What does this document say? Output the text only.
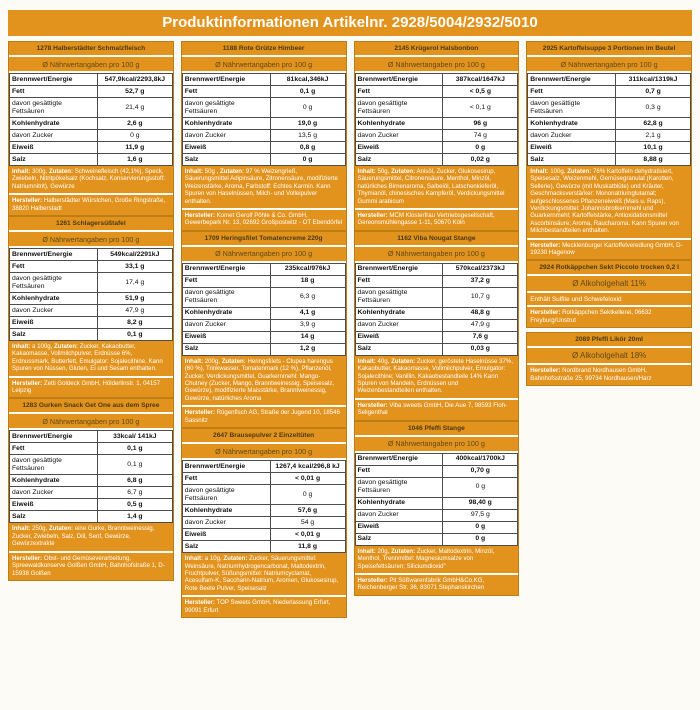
Produktinformationen Artikelnr. 2928/5004/2932/5010
1278 Halberstädter Schmalzfleisch
Ø Nährwertangaben pro 100 g
Brennwert/Energie	547,9kcal/2293,8kJ
Fett	52,7 g
davon gesättigte Fettsäuren	21,4 g
Kohlenhydrate	2,6 g
davon Zucker	0 g
Eiweiß	11,9 g
Salz	1,6 g
Inhalt: 300g, Zutaten: Schweinefleisch (42,1%), Speck, Zwiebeln, Nitritpökelsalz (Kochsalz, Konservierungsstoff: Natriumnitrit), Gewürze
Hersteller: Halberstädter Würstchen, Große Ringstraße, 38820 Halberstadt
1261 Schlagersüßtafel
Ø Nährwertangaben pro 100 g
Brennwert/Energie	549kcal/2291kJ
Fett	33,1 g
davon gesättigte Fettsäuren	17,4 g
Kohlenhydrate	51,9 g
davon Zucker	47,9 g
Eiweiß	8,2 g
Salz	0,1 g
Inhalt: a 100g, Zutaten: Zucker, Kakaobutter, Kakaomasse, Vollmilchpulver, Erdnüsse 6%, Erdnussmark, Butterfett, Emulgator: Sojalecithine. Kann Spuren von Nüssen, Gluten, Ei und Sesam enthalten.
Hersteller: Zetti Goldeck GmbH, Hölderlinstr. 1, 04157 Leipzig
1283 Gurken Snack Get One aus dem Spree
Ø Nährwertangaben pro 100 g
Brennwert/Energie	33kcal/ 141kJ
Fett	0,1 g
davon gesättigte Fettsäuren	0,1 g
Kohlenhydrate	6,8 g
davon Zucker	6,7 g
Eiweiß	0,5 g
Salz	1,4 g
Inhalt: 250g, Zutaten: eine Gurke, Branntweinessig, Zucker, Zwiebeln, Salz, Dill, Senf, Gewürze, Gewürzextrakte
Hersteller: Obst- und Gemüseverarbeitung, Spreewaldkonserve Golßen GmbH, Bahnhofstraße 1, D-15938 Golßen
1188 Rote Grütze Himbeer
Ø Nährwertangaben pro 100 g
Brennwert/Energie	81kcal,346kJ
Fett	0,1 g
davon gesättigte Fettsäuren	0 g
Kohlenhydrate	19,0 g
davon Zucker	13,5 g
Eiweiß	0,8 g
Salz	0 g
Inhalt: 50g , Zutaten: 97 % Weizengrieß, Säuerungsmittel Adipinsäure, Zitronensäure, modifizierte Weizenstärke, Aroma, Farbstoff: Echtes Karmin. Kann Spuren von Haselnüssen, Milch- und Volleipulver enthalten.
Hersteller: Komet Gerolf Pöhle & Co. GmbH, Gewerbepark Nr. 13, 02692 Großpostwitz - OT Ebendörfel
1709 Heringsfilet Tomatencreme 220g
Ø Nährwertangaben pro 100 g
Brennwert/Energie	235kcal/976kJ
Fett	18 g
davon gesättigte Fettsäuren	6,3 g
Kohlenhydrate	4,1 g
davon Zucker	3,9 g
Eiweiß	14 g
Salz	1,2 g
Inhalt: 200g, Zutaten: Heringsfilets - Clupea harengus (60 %), Trinkwasser, Tomatenmark (12 %), Pflanzenöl, Zucker, Verdickungsmittel, Guarkernmehl: Mango-Chutney (Zucker, Mango, Branntweinessig, Speisesalz, Gewürze), modifizierte Maisstärke, Branntweinessig, Gewürze, natürliches Aroma
Hersteller: Rügenfisch AG, Straße der Jugend 10, 18546 Sassnitz
2647 Brausepulver 2 Einzeltüten
Ø Nährwertangaben pro 100 g
Brennwert/Energie	1267,4 kcal/296,8 kJ
Fett	< 0,01 g
davon gesättigte Fettsäuren	0 g
Kohlenhydrate	57,6 g
davon Zucker	54 g
Eiweiß	< 0,01 g
Salz	11,8 g
Inhalt: a 10g, Zutaten: Zucker, Säuerungsmittel: Weinsäure, Natriumhydrogencarbonat, Maltodextrin, Fruchtpulver, Süßungsmittel: Natriumcyclamat, Acesulfam-K, Saccharin-Natrium, Aromen, Glukosesirup, Rote Beete Pulver, Speisesalz
Hersteller: TOP Sweets GmbH, Niederlassung Erfurt, 99091 Erfurt
2145 Krügerol Halsbonbon
Ø Nährwertangaben pro 100 g
Brennwert/Energie	387kcal/1647kJ
Fett	< 0,5 g
davon gesättigte Fettsäuren	< 0,1 g
Kohlenhydrate	96 g
davon Zucker	74 g
Eiweiß	0 g
Salz	0,02 g
Inhalt: 50g, Zutaten: Anisöl, Zucker, Glukosesirup, Säuerungsmittel, Citronensäure, Menthol, Minzöl, natürliches Birnenaroma, Salbeiöl, Latschenkieferöl, Thymianöl, chinesisches Kampferöl, Verdickungsmittel Gummi arabicum
Hersteller: MCM Klosterfrau Vertriebsgesellschaft, Gereonsmühlengasse 1-11, 50670 Köln
1162 Viba Nougat Stange
Ø Nährwertangaben pro 100 g
Brennwert/Energie	570kcal/2373kJ
Fett	37,2 g
davon gesättigte Fettsäuren	10,7 g
Kohlenhydrate	48,8 g
davon Zucker	47,9 g
Eiweiß	7,6 g
Salz	0,03 g
Inhalt: 40g, Zutaten: Zucker, geröstete Haselnüsse 37%, Kakaobutter, Kakaomasse, Vollmilchpulver, Emulgator: Sojalecithine; Vanillin. Kakaobestandteile 14% Kann Spuren von Mandeln, Erdnüssen und Weizenbestandteilen enthalten.
Hersteller: Viba sweets GmbH, Die Aue 7, 98593 Floh-Seligenthal
1046 Pfeffi Stange
Ø Nährwertangaben pro 100 g
Brennwert/Energie	400kcal/1700kJ
Fett	0,70 g
davon gesättigte Fettsäuren	0 g
Kohlenhydrate	98,40 g
davon Zucker	97,5 g
Eiweiß	0 g
Salz	0 g
Inhalt: 20g, Zutaten: Zucker, Maltodextrin, Minzöl, Menthol, Trennmittel: Magnesiumsalze von Speisefettsäuren; Siliciumdioxid"
Hersteller: Pit Süßwarenfabrik GmbH&Co.KG, Reichenberger Str. 36, 83071 Stephanskirchen
2925 Kartoffelsuppe 3 Portionen im Beutel
Ø Nährwertangaben pro 100 g
Brennwert/Energie	311kcal/1319kJ
Fett	0,7 g
davon gesättigte Fettsäuren	0,3 g
Kohlenhydrate	62,8 g
davon Zucker	2,1 g
Eiweiß	10,1 g
Salz	8,88 g
Inhalt: 100g, Zutaten: 76% Kartoffeln dehydratisiert, Speisesalz, Weizenmehl, Gemüsegranulat (Karotten, Sellerie), Gewürze (mit Muskatblüte) und Kräuter, Geschmacksverstärker: Mononatriumglutamat; aufgeschlossenes Pflanzeneiweiß (Mais u. Raps), Verdickungsmittel: Johannisbrotkernmehl und Guarkernmehl; Kartoffelstärke, Antioxidationsmittel Ascorbinsäure; Aroma, Raucharoma. Kann Spuren von Milchbestandteilen enthalten.
Hersteller: Mecklenburger Kartoffelveredlung GmbH, D-19230 Hagenow
2924 Rotkäppchen Sekt Piccolo trocken 0,2 l
Ø Alkoholgehalt 11%
Enthält Sulfite und Schwefeloxid
Hersteller: Rotkäppchen Sektkellerei, 06632 Freyburg/Unstrut
2089 Pfeffi Likör 20ml
Ø Alkoholgehalt 18%
Hersteller: Nordbrand Nordhausen GmbH, Bahnhofsstraße 25, 99734 Nordhausen/Harz
